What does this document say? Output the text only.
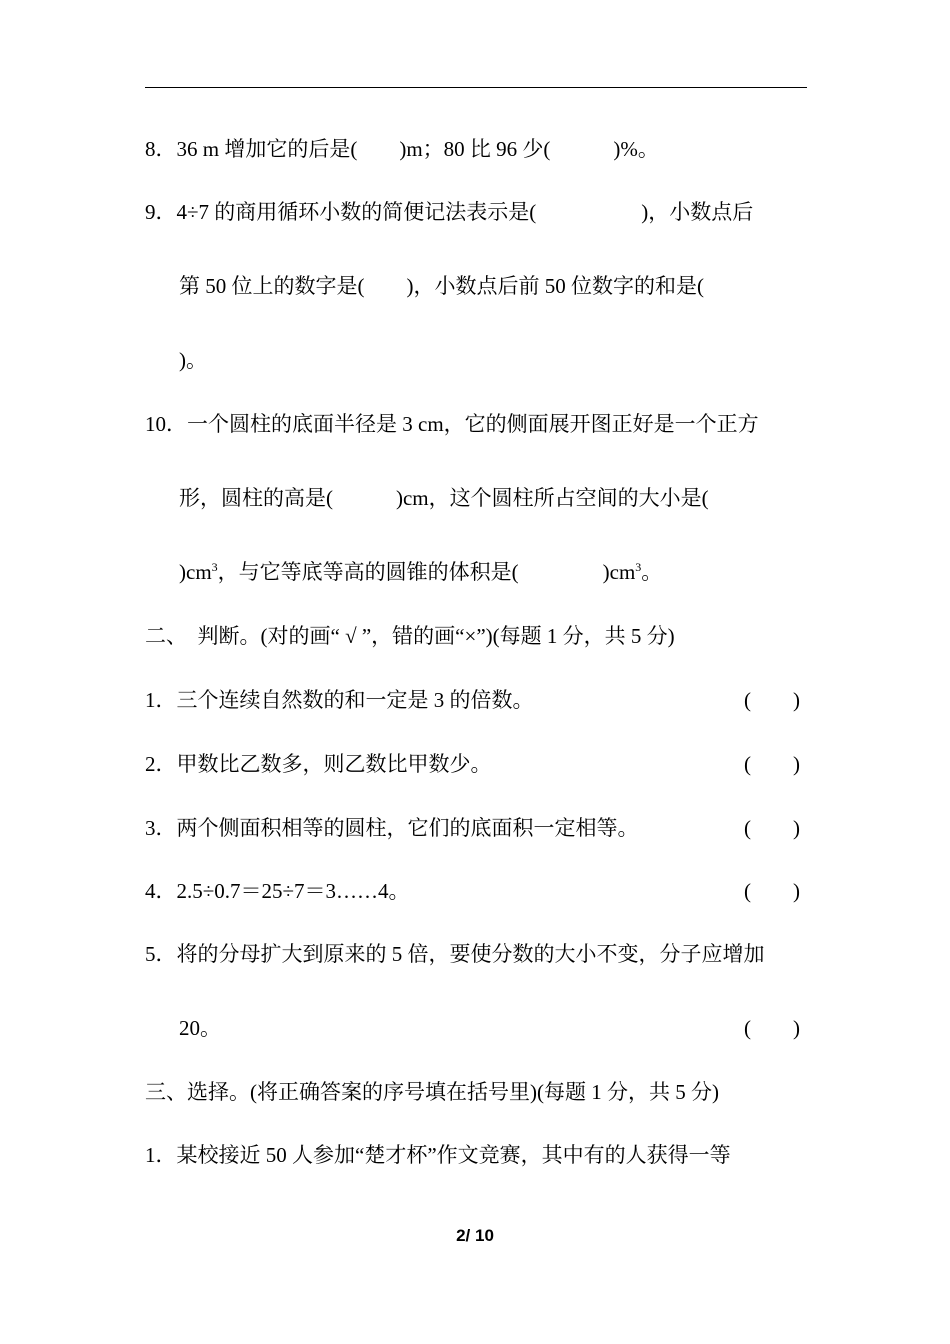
8．36 m 增加它的后是(　　)m；80 比 96 少(　　　)%。
9．4÷7 的商用循环小数的简便记法表示是(　　　　　)，小数点后
第 50 位上的数字是(　　)，小数点后前 50 位数字的和是(
)。
10．一个圆柱的底面半径是 3 cm，它的侧面展开图正好是一个正方
形，圆柱的高是(　　　)cm，这个圆柱所占空间的大小是(
)$cm^3$，与它等底等高的圆锥的体积是(　　　　)$cm^3$。
二、　判断。(对的画“ √ ”，错的画“×”)(每题 1 分，共 5 分)
1．三个连续自然数的和一定是 3 的倍数。	(　　)
2．甲数比乙数多，则乙数比甲数少。	(　　)
3．两个侧面积相等的圆柱，它们的底面积一定相等。	(　　)
4．2.5÷0.7＝25÷7＝3……4。	(　　)
5．将的分母扩大到原来的 5 倍，要使分数的大小不变，分子应增加
20。	(　　)
三、选择。(将正确答案的序号填在括号里)(每题 1 分，共 5 分)
1．某校接近 50 人参加“楚才杯”作文竞赛，其中有的人获得一等
2/ 10
